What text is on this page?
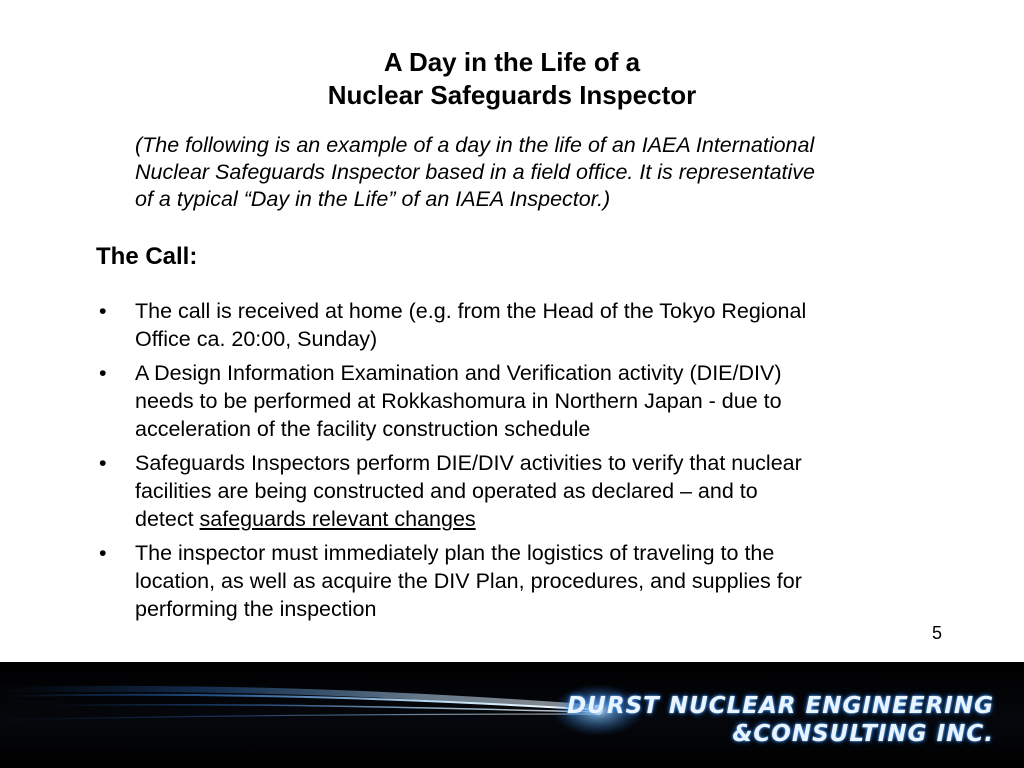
A Day in the Life of a
Nuclear Safeguards Inspector
(The following is an example of a day in the life of an IAEA International
Nuclear Safeguards Inspector based in a field office. It is representative
of a typical “Day in the Life” of an IAEA Inspector.)
The Call:
• The call is received at home (e.g. from the Head of the Tokyo Regional
Office ca. 20:00, Sunday)
• A Design Information Examination and Verification activity (DIE/DIV)
needs to be performed at Rokkashomura in Northern Japan - due to
acceleration of the facility construction schedule
• Safeguards Inspectors perform DIE/DIV activities to verify that nuclear
facilities are being constructed and operated as declared – and to
detect safeguards relevant changes
• The inspector must immediately plan the logistics of traveling to the
location, as well as acquire the DIV Plan, procedures, and supplies for
performing the inspection
5
DURST NUCLEAR ENGINEERING
&CONSULTING INC.
